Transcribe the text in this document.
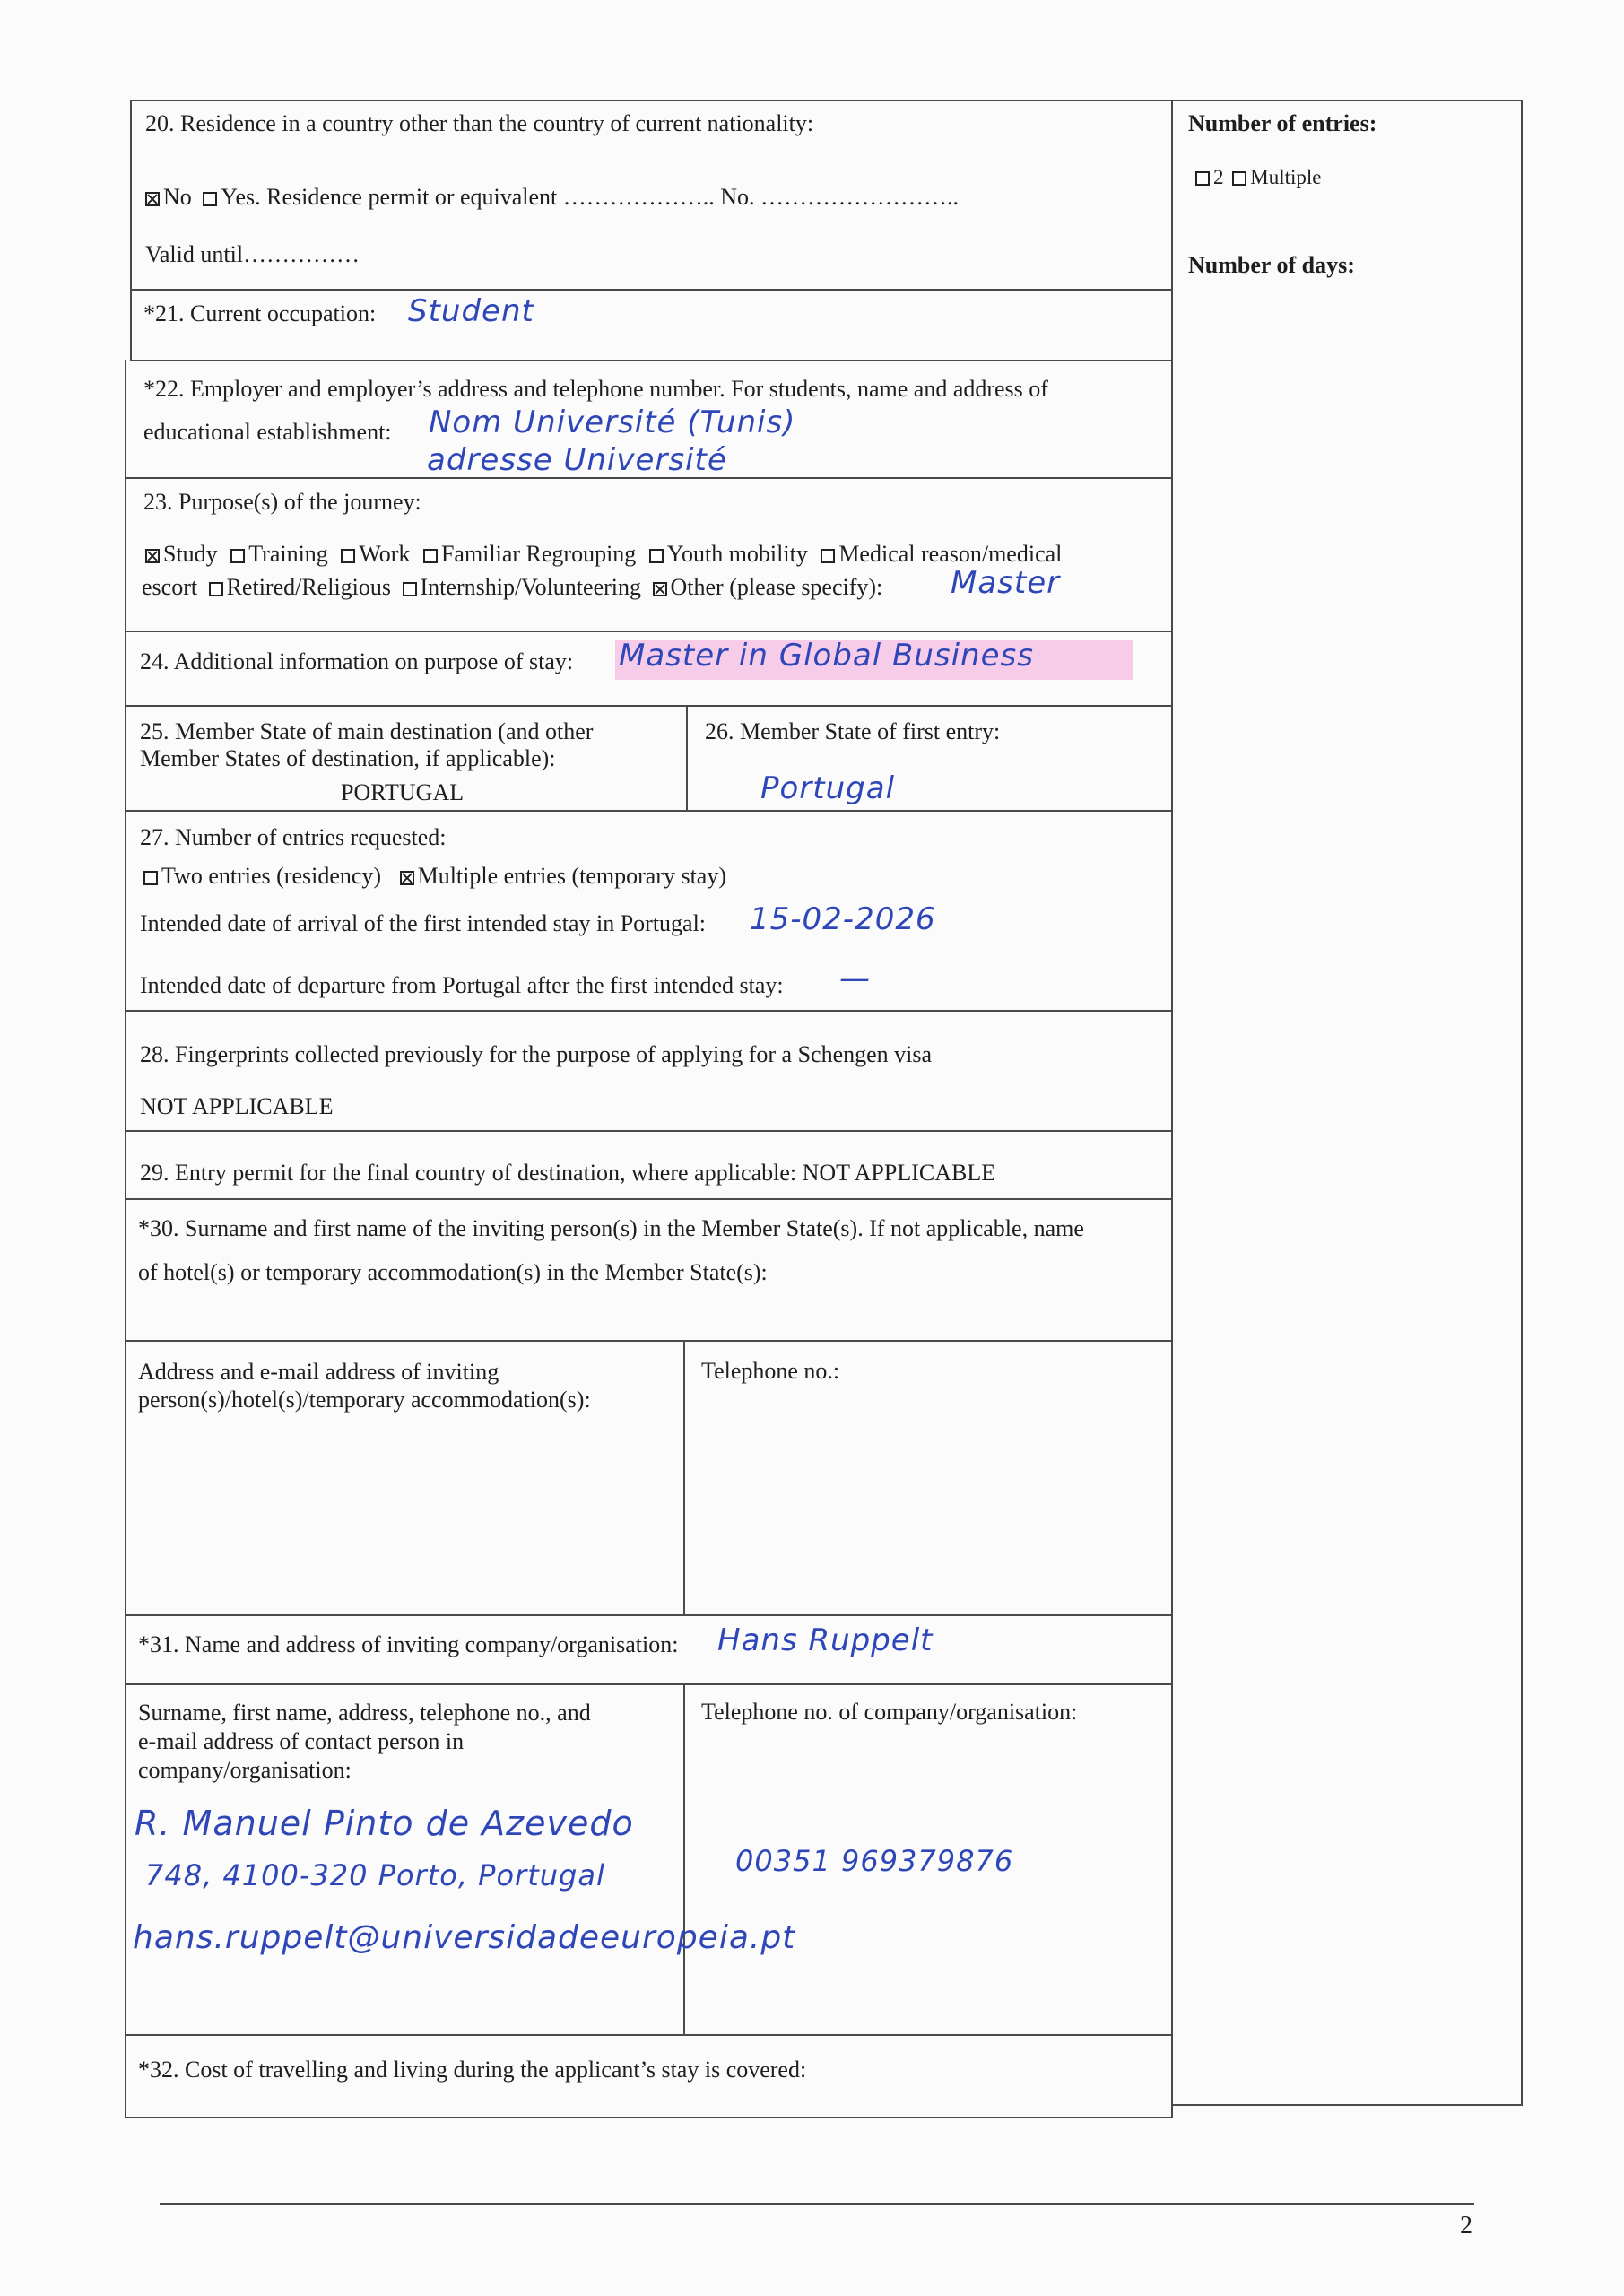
Number of entries:
2 Multiple
Number of days:
20. Residence in a country other than the country of current nationality:
No Yes. Residence permit or equivalent ……………….. No. ……………………..
Valid until……………
*21. Current occupation: Student
*22. Employer and employer’s address and telephone number. For students, name and address of
educational establishment: Nom Université (Tunis)
adresse Université
23. Purpose(s) of the journey:
Study Training Work Familiar Regrouping Youth mobility Medical reason/medical
escort Retired/Religious Internship/Volunteering Other (please specify): Master
24. Additional information on purpose of stay: Master in Global Business
25. Member State of main destination (and other
Member States of destination, if applicable):
PORTUGAL
26. Member State of first entry:
Portugal
27. Number of entries requested:
Two entries (residency) Multiple entries (temporary stay)
Intended date of arrival of the first intended stay in Portugal: 15-02-2026
Intended date of departure from Portugal after the first intended stay: —
28. Fingerprints collected previously for the purpose of applying for a Schengen visa
NOT APPLICABLE
29. Entry permit for the final country of destination, where applicable: NOT APPLICABLE
*30. Surname and first name of the inviting person(s) in the Member State(s). If not applicable, name
of hotel(s) or temporary accommodation(s) in the Member State(s):
Address and e-mail address of inviting
person(s)/hotel(s)/temporary accommodation(s):
Telephone no.:
*31. Name and address of inviting company/organisation: Hans Ruppelt
Surname, first name, address, telephone no., and
e-mail address of contact person in
company/organisation:
Telephone no. of company/organisation:
R. Manuel Pinto de Azevedo
748, 4100-320 Porto, Portugal
hans.ruppelt@universidadeeuropeia.pt
00351 969379876
*32. Cost of travelling and living during the applicant’s stay is covered:
2
